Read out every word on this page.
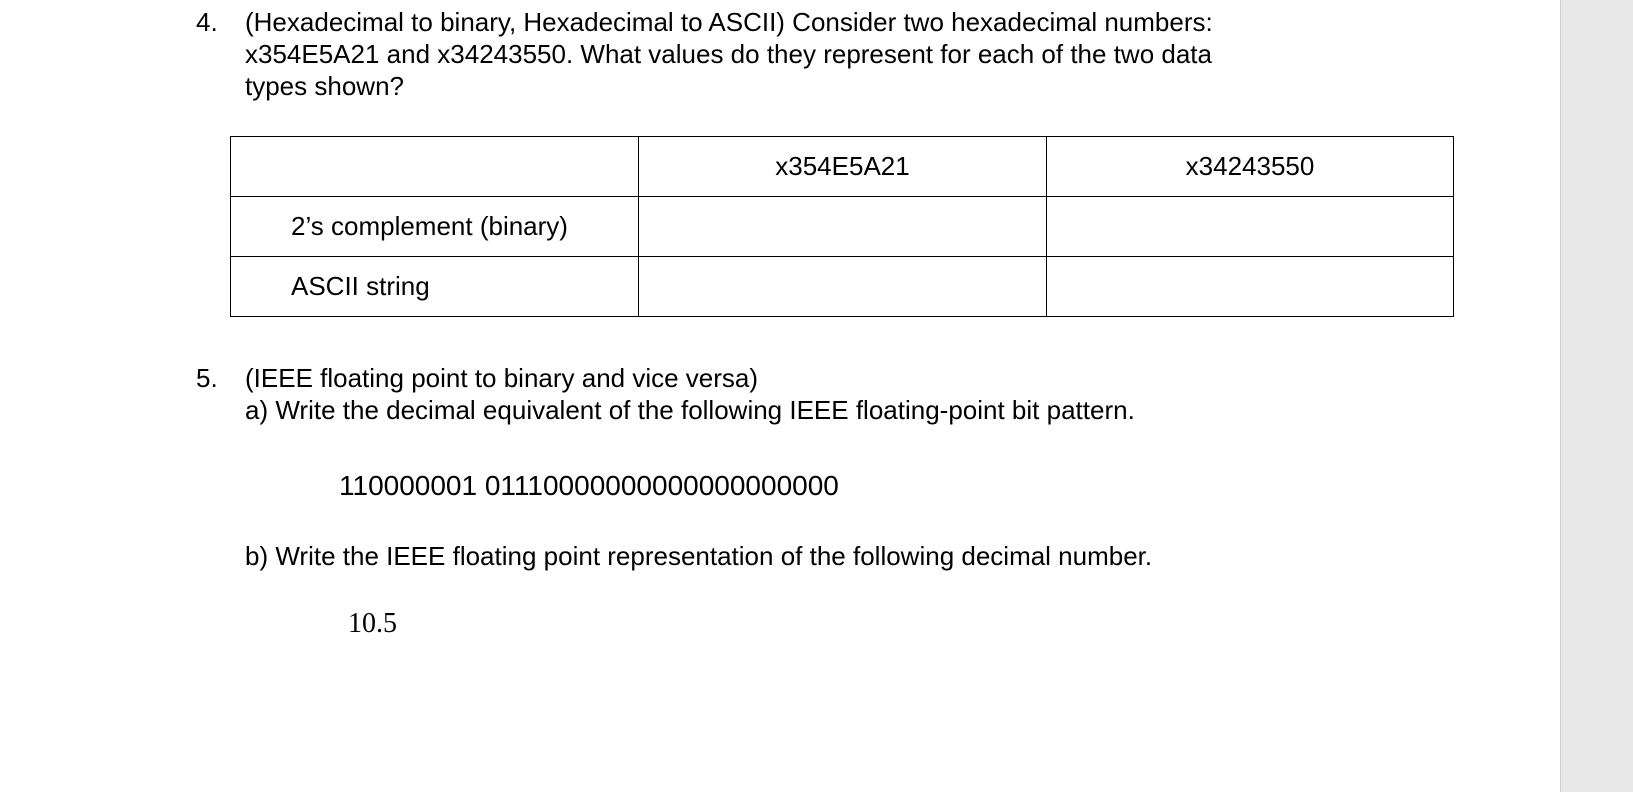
4. (Hexadecimal to binary, Hexadecimal to ASCII) Consider two hexadecimal numbers:
x354E5A21 and x34243550. What values do they represent for each of the two data
types shown?
	x354E5A21	x34243550
2’s complement (binary)		
ASCII string		
5. (IEEE floating point to binary and vice versa)
a) Write the decimal equivalent of the following IEEE floating-point bit pattern.
110000001 01110000000000000000000
b) Write the IEEE floating point representation of the following decimal number.
10.5
